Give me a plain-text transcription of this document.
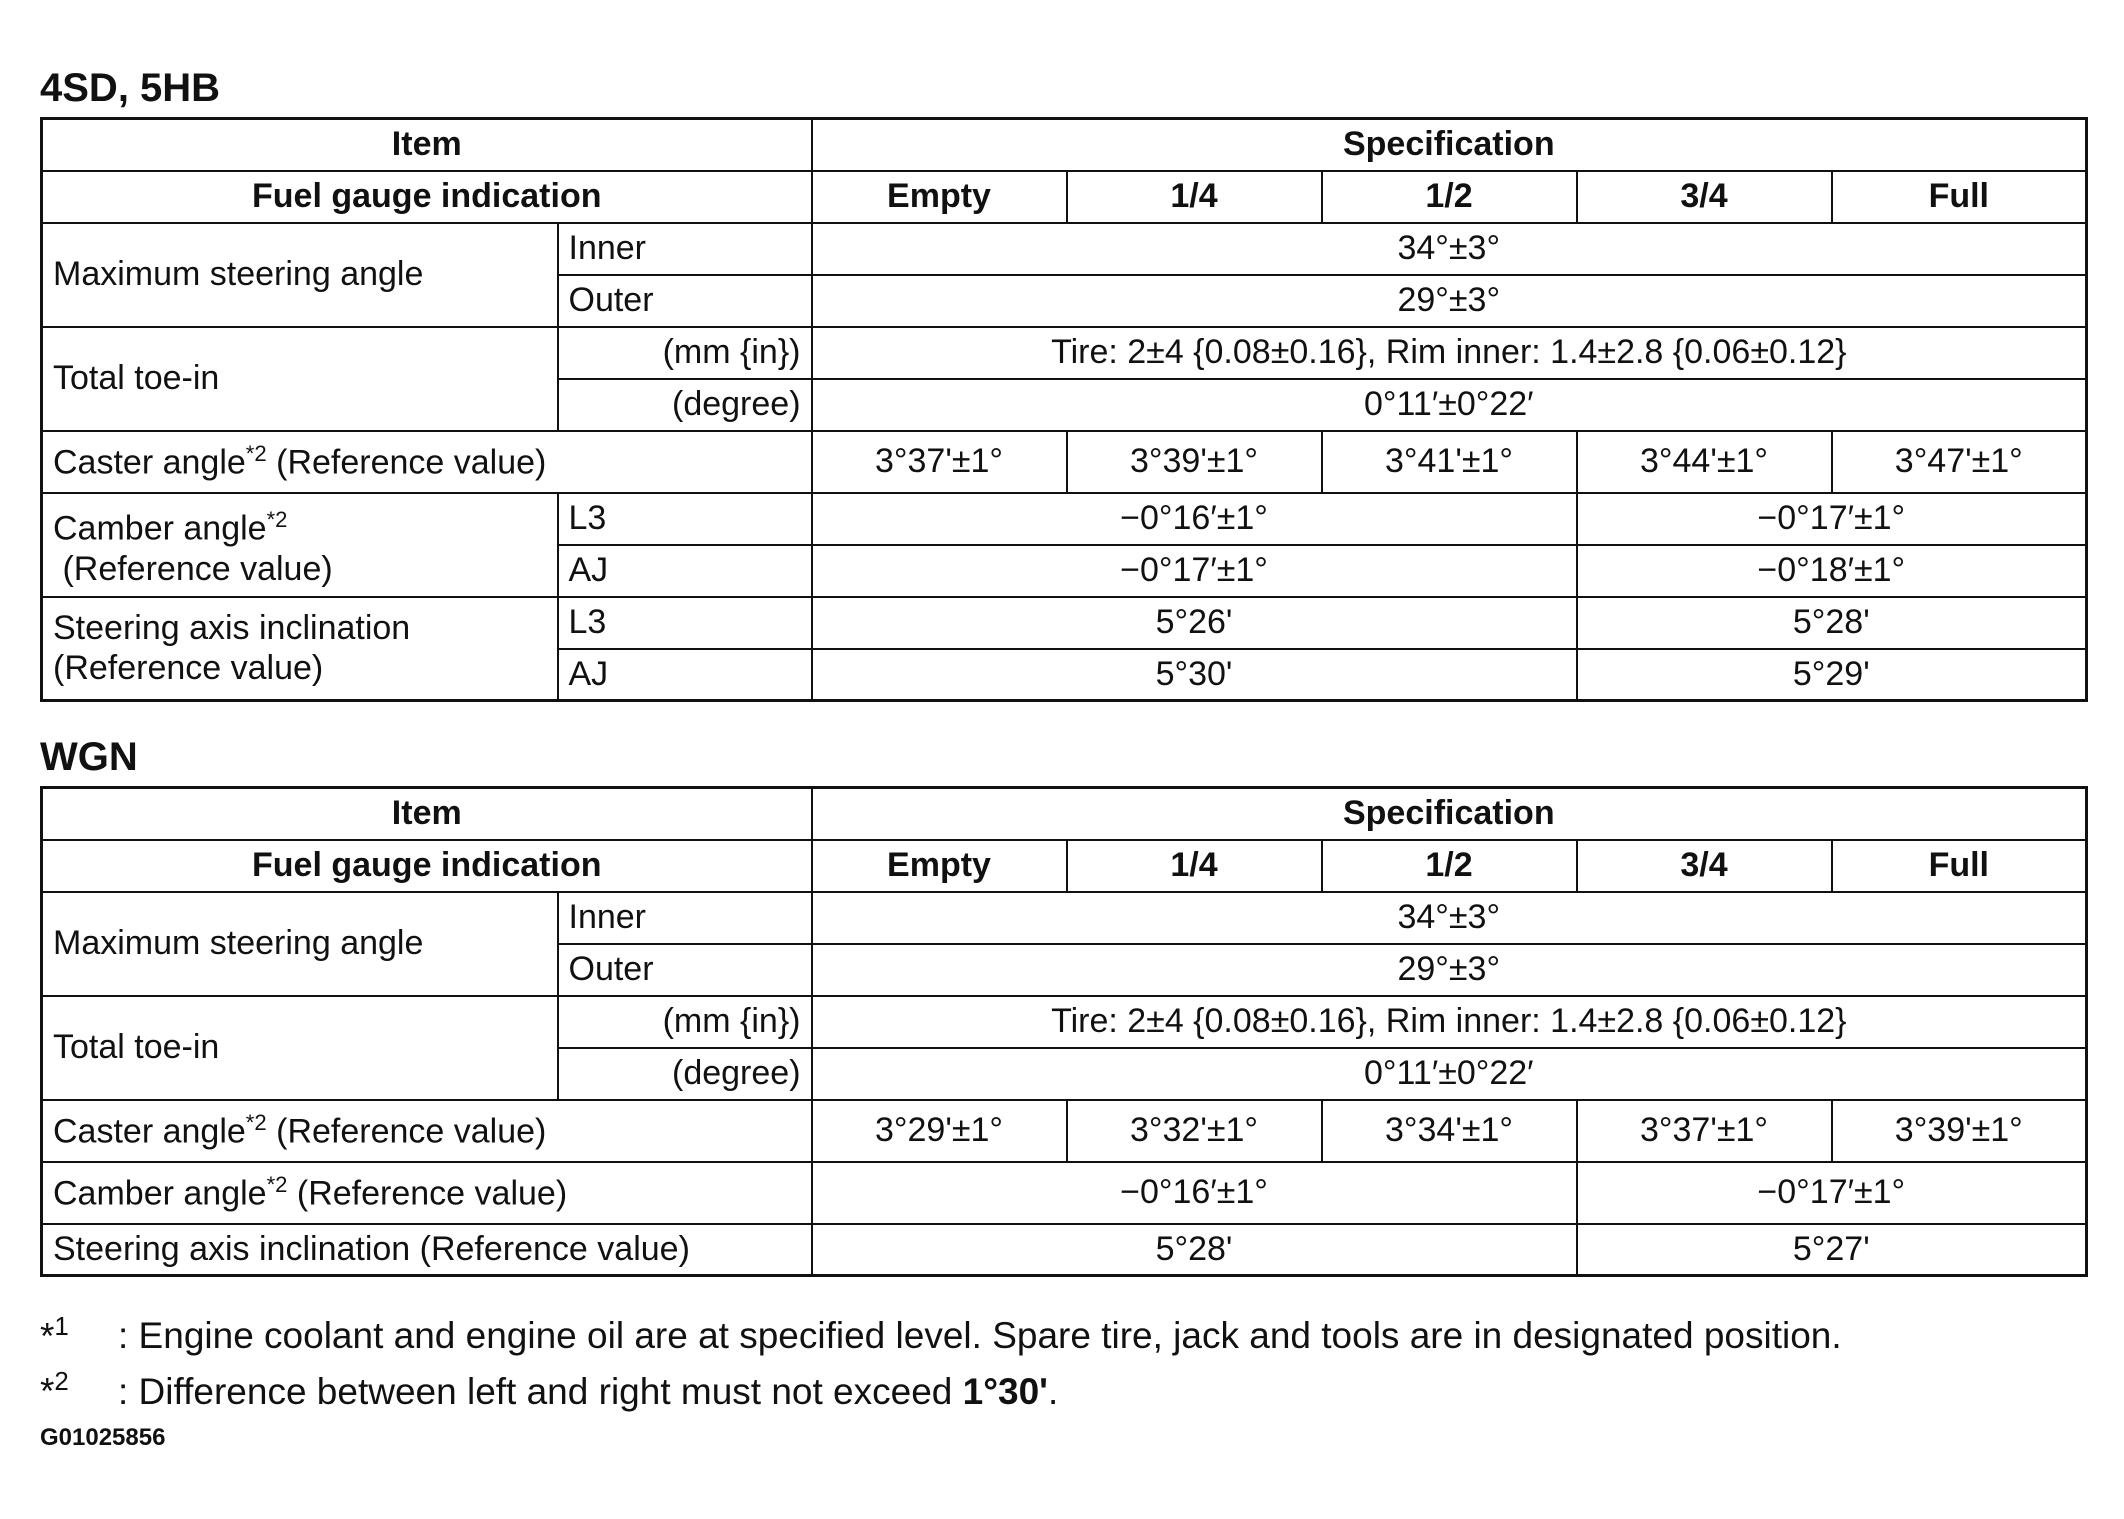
4SD, 5HB
Item		Specification				
Fuel gauge indication		Empty	1/4	1/2	3/4	Full
Maximum steering angle	Inner	34°±3°				
	Outer	29°±3°				
Total toe-in	(mm {in})	Tire: 2±4 {0.08±0.16}, Rim inner: 1.4±2.8 {0.06±0.12}				
	(degree)	0°11′±0°22′				
Caster angle$^{*2}$ (Reference value)		3°37'±1°	3°39'±1°	3°41'±1°	3°44'±1°	3°47'±1°
Camber angle$^{*2}$
(Reference value)	L3	−0°16′±1°			−0°17′±1°	
	AJ	−0°17′±1°			−0°18′±1°	
Steering axis inclination
(Reference value)	L3	5°26'			5°28'	
	AJ	5°30'			5°29'	
WGN
Item		Specification				
Fuel gauge indication		Empty	1/4	1/2	3/4	Full
Maximum steering angle	Inner	34°±3°				
	Outer	29°±3°				
Total toe-in	(mm {in})	Tire: 2±4 {0.08±0.16}, Rim inner: 1.4±2.8 {0.06±0.12}				
	(degree)	0°11′±0°22′				
Caster angle$^{*2}$ (Reference value)		3°29'±1°	3°32'±1°	3°34'±1°	3°37'±1°	3°39'±1°
Camber angle$^{*2}$ (Reference value)		−0°16′±1°			−0°17′±1°	
Steering axis inclination (Reference value)		5°28'			5°27'	
*$^1$	: Engine coolant and engine oil are at specified level. Spare tire, jack and tools are in designated position.
*$^2$	: Difference between left and right must not exceed 1°30'.
G01025856
